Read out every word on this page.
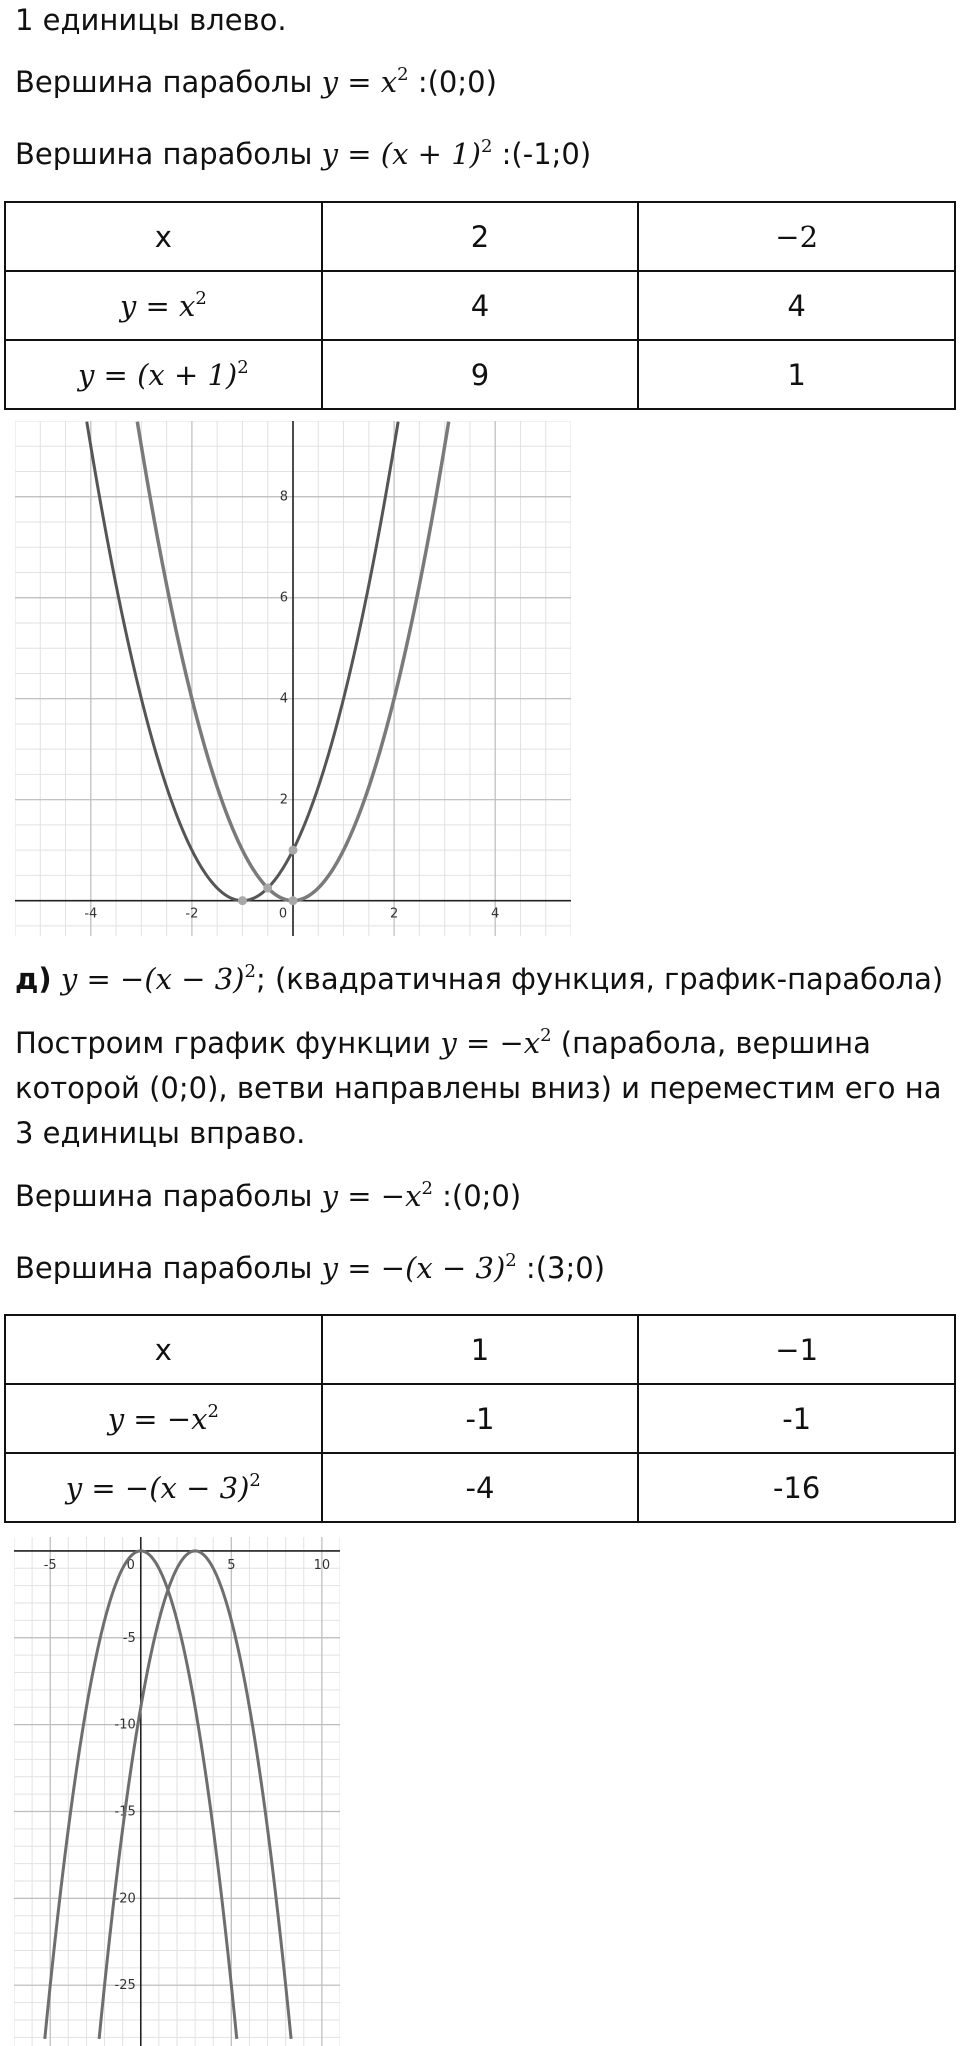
1 единицы влево.
Вершина параболы $y = x^2$ :(0;0)
Вершина параболы $y = (x + 1)^2$ :(-1;0)
x	2	−2
$y = x^2$	4	4
$y = (x + 1)^2$	9	1
-4	-2	0	2	4
2
4
6
8
д) $y = -(x - 3)^2$; (квадратичная функция, график-парабола)
Построим график функции $y = -x^2$ (парабола, вершина
которой (0;0), ветви направлены вниз) и переместим его на
3 единицы вправо.
Вершина параболы $y = -x^2$ :(0;0)
Вершина параболы $y = -(x - 3)^2$ :(3;0)
x	1	−1
$y = -x^2$	-1	-1
$y = -(x - 3)^2$	-4	-16
-5	0	5	10
-5
-10
-15
-20
-25
